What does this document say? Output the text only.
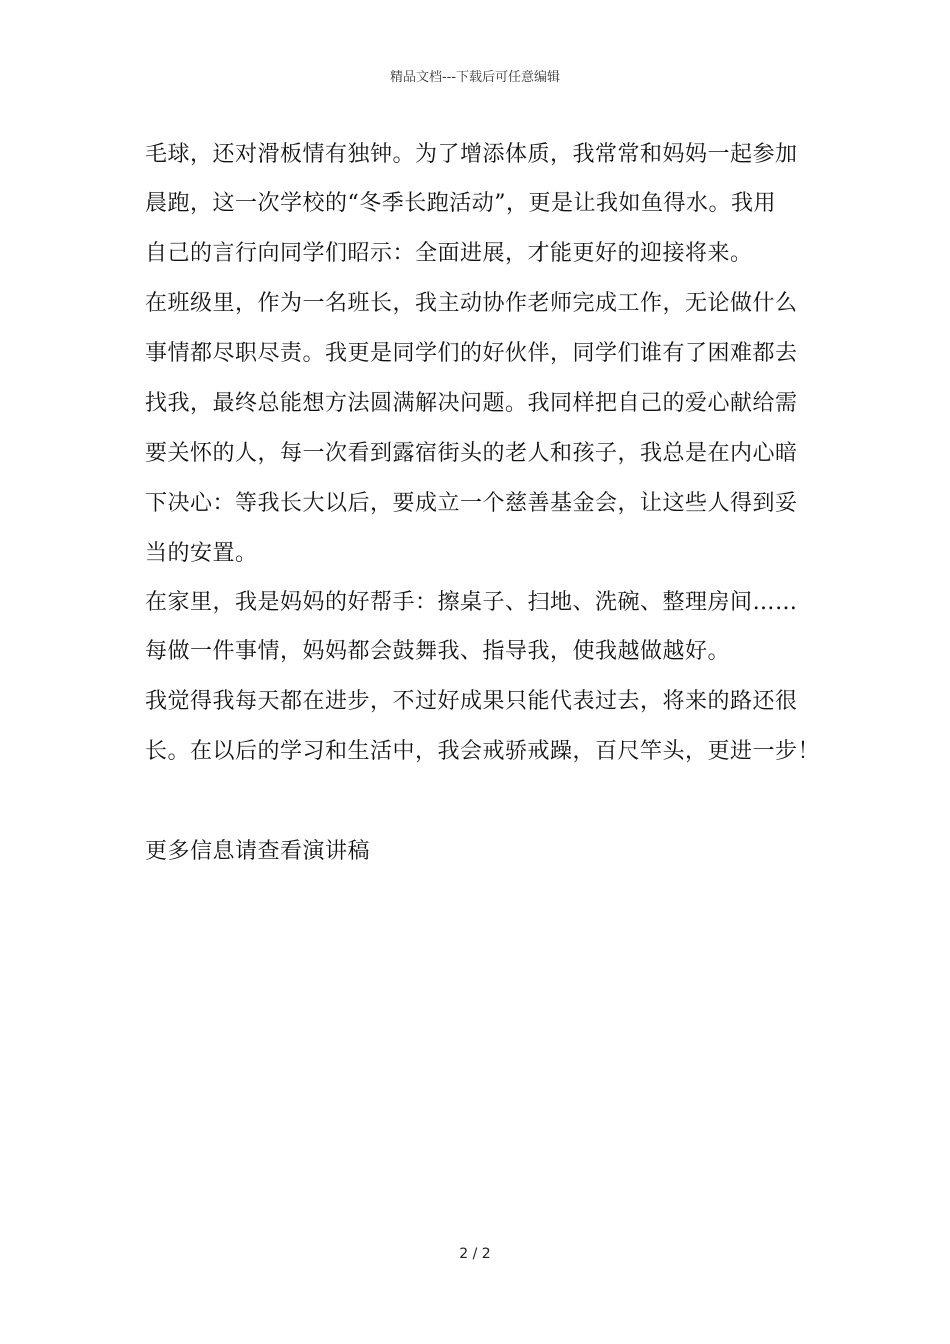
精品文档---下载后可任意编辑
毛球，还对滑板情有独钟。为了增添体质，我常常和妈妈一起参加
晨跑，这一次学校的“冬季长跑活动”，更是让我如鱼得水。我用
自己的言行向同学们昭示：全面进展，才能更好的迎接将来。
在班级里，作为一名班长，我主动协作老师完成工作，无论做什么
事情都尽职尽责。我更是同学们的好伙伴，同学们谁有了困难都去
找我，最终总能想方法圆满解决问题。我同样把自己的爱心献给需
要关怀的人，每一次看到露宿街头的老人和孩子，我总是在内心暗
下决心：等我长大以后，要成立一个慈善基金会，让这些人得到妥
当的安置。
在家里，我是妈妈的好帮手：擦桌子、扫地、洗碗、整理房间……
每做一件事情，妈妈都会鼓舞我、指导我，使我越做越好。
我觉得我每天都在进步，不过好成果只能代表过去，将来的路还很
长。在以后的学习和生活中，我会戒骄戒躁，百尺竿头，更进一步！
更多信息请查看演讲稿
2 / 2
